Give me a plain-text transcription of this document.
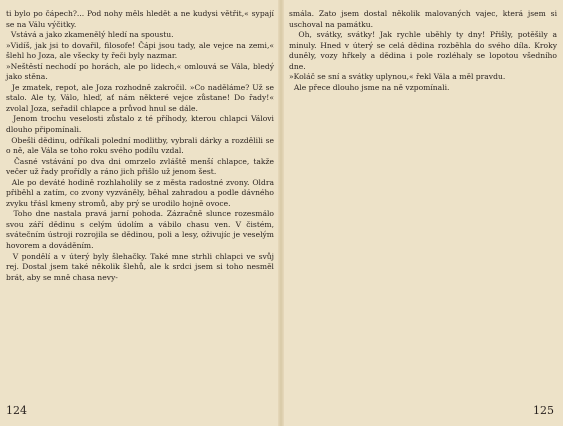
ti bylo po čápech?... Pod nohy měls hledět a ne kudysi větřit,« sypají se na Válu výčitky.

Vstává a jako zkamenělý hledí na spoustu.

»Vidíš, jak jsi to dovařil, filosofe! Čápi jsou tady, ale vejce na zemi,« šlehl ho Joza, ale všecky ty řeči byly nazmar.

»Neštěstí nechodí po horách, ale po lidech,« omlouvá se Vála, bledý jako stěna.

Je zmatek, repot, ale Joza rozhodně zakročil. »Co naděláme? Už se stalo. Ale ty, Válo, hleď, ať nám některé vejce zůstane! Do řady!« zvolal Joza, seřadil chlapce a průvod hnul se dále.

Jenom trochu veselosti zůstalo z té příhody, kterou chlapci Válovi dlouho připomínali.

Obešli dědinu, odříkali polední modlitby, vybrali dárky a rozdělili se o ně, ale Vála se toho roku svého podílu vzdal.

Časné vstávání po dva dni omrzelo zvláště menší chlapce, takže večer už řady prořídly a ráno jich přišlo už jenom šest.

Ale po deváté hodině rozhlaholily se z města radostné zvony. Oldra přiběhl a zatím, co zvony vyzváněly, běhal zahradou a podle dávného zvyku třásl kmeny stromů, aby prý se urodilo hojně ovoce.

Toho dne nastala pravá jarní pohoda. Zázračně slunce rozesmálo svou září dědinu s celým údolím a vábilo chasu ven. V čistém, svátečním ústroji rozrojila se dědinou, poli a lesy, oživujíc je veselým hovorem a dováděním.

V pondělí a v úterý byly šlehačky. Také mne strhli chlapci ve svůj rej. Dostal jsem také několik šlehů, ale k srdci jsem si toho nesměl brát, aby se mně chasa nevy-

smála. Zato jsem dostal několik malovaných vajec, která jsem si uschoval na památku.

Oh, svátky, svátky! Jak rychle uběhly ty dny! Přišly, potěšily a minuly. Hned v úterý se celá dědina rozběhla do svého díla. Kroky duněly, vozy hřkely a dědina i pole rozléhaly se lopotou všedního dne.

»Koláč se sní a svátky uplynou,« řekl Vála a měl pravdu.

Ale přece dlouho jsme na ně vzpomínali.

124	125
